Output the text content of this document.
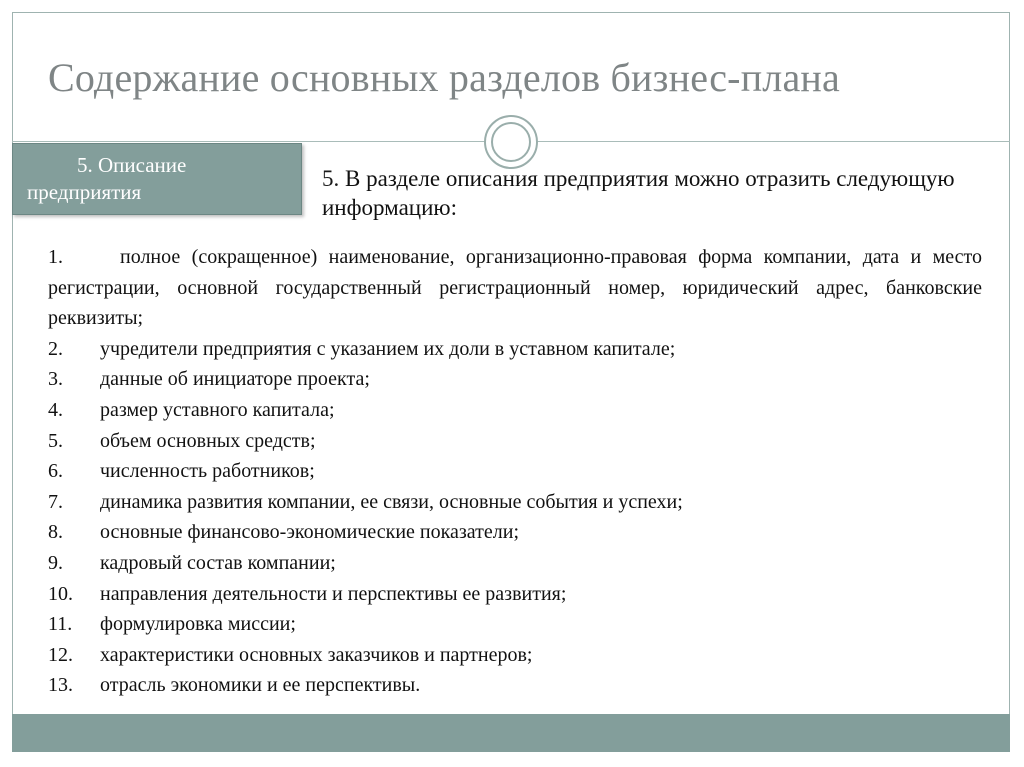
Содержание основных разделов бизнес-плана
5. Описание
предприятия
5. В разделе описания предприятия можно отразить следующую информацию:
1.     полное (сокращенное) наименование, организационно-правовая форма компании, дата и место регистрации, основной государственный регистрационный номер, юридический адрес, банковские реквизиты;
2.	учредители предприятия с указанием их доли в уставном капитале;
3.	данные об инициаторе проекта;
4.	размер уставного капитала;
5.	объем основных средств;
6.	численность работников;
7.	динамика развития компании, ее связи, основные события и успехи;
8.	основные финансово-экономические показатели;
9.	кадровый состав компании;
10.	направления деятельности и перспективы ее развития;
11.	формулировка миссии;
12.	характеристики основных заказчиков и партнеров;
13.	отрасль экономики и ее перспективы.
